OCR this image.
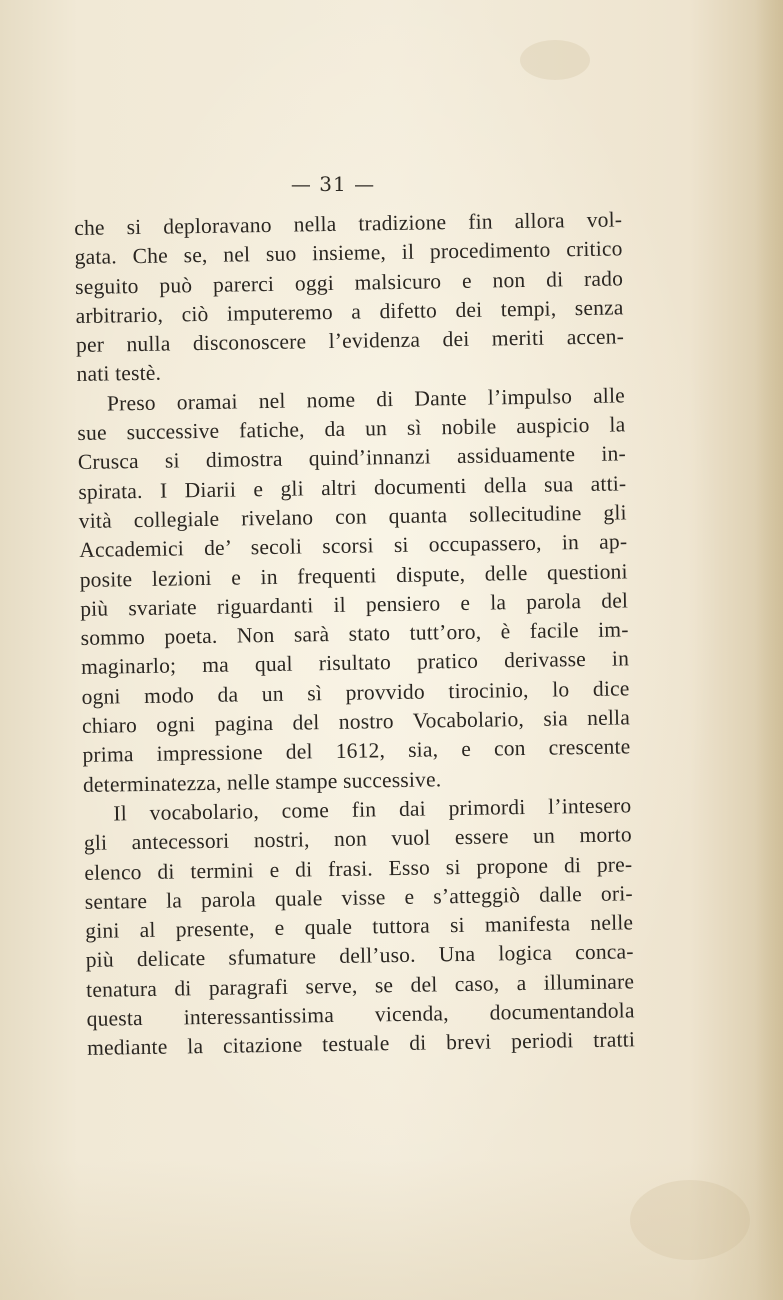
— 31 —
che si deploravano nella tradizione fin allora vol-
gata. Che se, nel suo insieme, il procedimento critico
seguito può parerci oggi malsicuro e non di rado
arbitrario, ciò imputeremo a difetto dei tempi, senza
per nulla disconoscere l’evidenza dei meriti accen-
nati testè.
Preso oramai nel nome di Dante l’impulso alle
sue successive fatiche, da un sì nobile auspicio la
Crusca si dimostra quind’innanzi assiduamente in-
spirata. I Diarii e gli altri documenti della sua atti-
vità collegiale rivelano con quanta sollecitudine gli
Accademici de’ secoli scorsi si occupassero, in ap-
posite lezioni e in frequenti dispute, delle questioni
più svariate riguardanti il pensiero e la parola del
sommo poeta. Non sarà stato tutt’oro, è facile im-
maginarlo; ma qual risultato pratico derivasse in
ogni modo da un sì provvido tirocinio, lo dice
chiaro ogni pagina del nostro Vocabolario, sia nella
prima impressione del 1612, sia, e con crescente
determinatezza, nelle stampe successive.
Il vocabolario, come fin dai primordi l’intesero
gli antecessori nostri, non vuol essere un morto
elenco di termini e di frasi. Esso si propone di pre-
sentare la parola quale visse e s’atteggiò dalle ori-
gini al presente, e quale tuttora si manifesta nelle
più delicate sfumature dell’uso. Una logica conca-
tenatura di paragrafi serve, se del caso, a illuminare
questa interessantissima vicenda, documentandola
mediante la citazione testuale di brevi periodi tratti
